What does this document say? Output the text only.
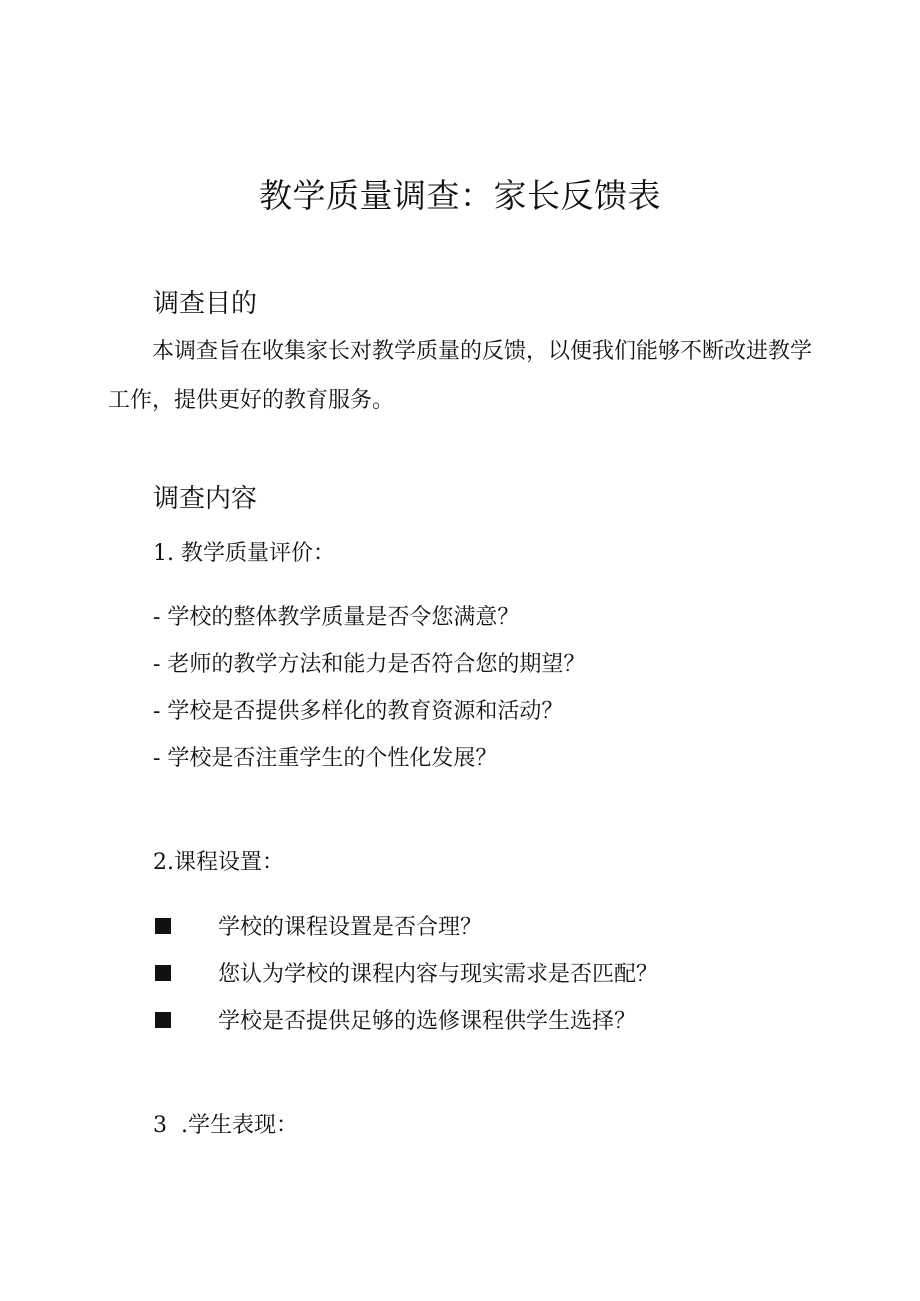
教学质量调查：家长反馈表
调查目的

本调查旨在收集家长对教学质量的反馈，以便我们能够不断改进教学工作，提供更好的教育服务。

调查内容

1. 教学质量评价：

- 学校的整体教学质量是否令您满意？

- 老师的教学方法和能力是否符合您的期望？

- 学校是否提供多样化的教育资源和活动？

- 学校是否注重学生的个性化发展？

2.课程设置：

学校的课程设置是否合理？
您认为学校的课程内容与现实需求是否匹配？
学校是否提供足够的选修课程供学生选择？

3  .学生表现：
